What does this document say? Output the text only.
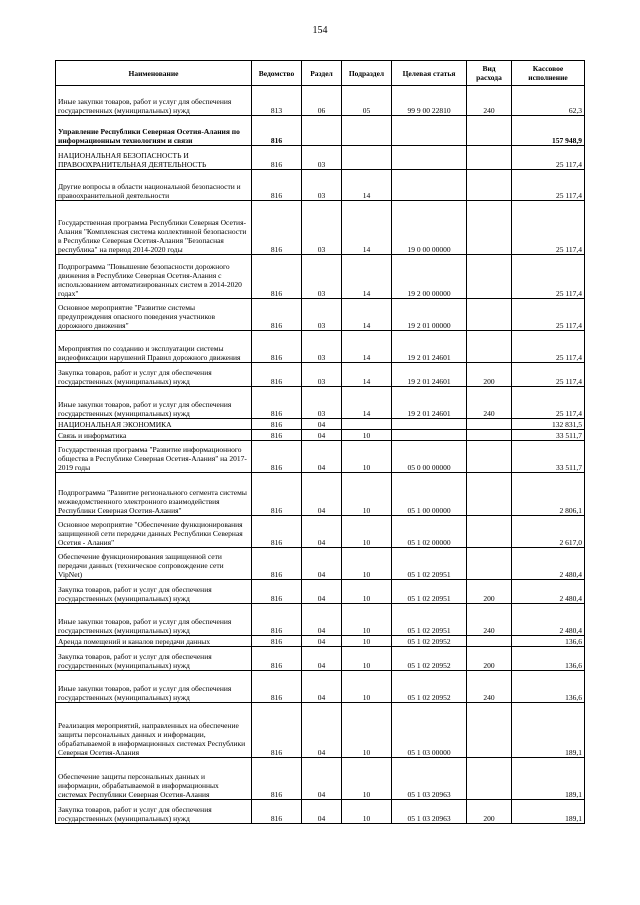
154
Наименование	Ведомство	Раздел	Подраздел	Целевая статья	Вид расхода	Кассовое исполнение
Иные закупки товаров, работ и услуг для обеспечения государственных (муниципальных) нужд	813	06	05	99 9 00 22810	240	62,3
Управление Республики Северная Осетия-Алания по информационным технологиям и связи	816					157 948,9
НАЦИОНАЛЬНАЯ БЕЗОПАСНОСТЬ И ПРАВООХРАНИТЕЛЬНАЯ ДЕЯТЕЛЬНОСТЬ	816	03				25 117,4
Другие вопросы в области национальной безопасности и правоохранительной деятельности	816	03	14			25 117,4
Государственная программа Республики Северная Осетия-Алания "Комплексная система коллективной безопасности в Республике Северная Осетия-Алания "Безопасная республика" на период 2014-2020 годы	816	03	14	19 0 00 00000		25 117,4
Подпрограмма "Повышение безопасности дорожного движения в Республике Северная Осетия-Алания с использованием автоматизированных систем в 2014-2020 годах"	816	03	14	19 2 00 00000		25 117,4
Основное мероприятие "Развитие системы предупреждения опасного поведения участников дорожного движения"	816	03	14	19 2 01 00000		25 117,4
Мероприятия по созданию и эксплуатации системы видеофиксации нарушений Правил дорожного движения	816	03	14	19 2 01 24601		25 117,4
Закупка товаров, работ и услуг для обеспечения государственных (муниципальных) нужд	816	03	14	19 2 01 24601	200	25 117,4
Иные закупки товаров, работ и услуг для обеспечения государственных (муниципальных) нужд	816	03	14	19 2 01 24601	240	25 117,4
НАЦИОНАЛЬНАЯ ЭКОНОМИКА	816	04				132 831,5
Связь и информатика	816	04	10			33 511,7
Государственная программа "Развитие информационного общества в Республике Северная Осетия-Алания" на 2017-2019 годы	816	04	10	05 0 00 00000		33 511,7
Подпрограмма "Развитие регионального сегмента системы межведомственного электронного взаимодействия Республики Северная Осетия-Алания"	816	04	10	05 1 00 00000		2 806,1
Основное мероприятие "Обеспечение функционирования защищенной сети передачи данных Республики Северная Осетия - Алания"	816	04	10	05 1 02 00000		2 617,0
Обеспечение функционирования защищенной сети передачи данных (техническое сопровождение сети VipNet)	816	04	10	05 1 02 20951		2 480,4
Закупка товаров, работ и услуг для обеспечения государственных (муниципальных) нужд	816	04	10	05 1 02 20951	200	2 480,4
Иные закупки товаров, работ и услуг для обеспечения государственных (муниципальных) нужд	816	04	10	05 1 02 20951	240	2 480,4
Аренда помещений и каналов передачи данных	816	04	10	05 1 02 20952		136,6
Закупка товаров, работ и услуг для обеспечения государственных (муниципальных) нужд	816	04	10	05 1 02 20952	200	136,6
Иные закупки товаров, работ и услуг для обеспечения государственных (муниципальных) нужд	816	04	10	05 1 02 20952	240	136,6
Реализация мероприятий, направленных на обеспечение защиты персональных данных и информации, обрабатываемой в информационных системах Республики Северная Осетия-Алания	816	04	10	05 1 03 00000		189,1
Обеспечение защиты персональных данных и информации, обрабатываемой в информационных системах Республики Северная Осетия-Алания	816	04	10	05 1 03 20963		189,1
Закупка товаров, работ и услуг для обеспечения государственных (муниципальных) нужд	816	04	10	05 1 03 20963	200	189,1
